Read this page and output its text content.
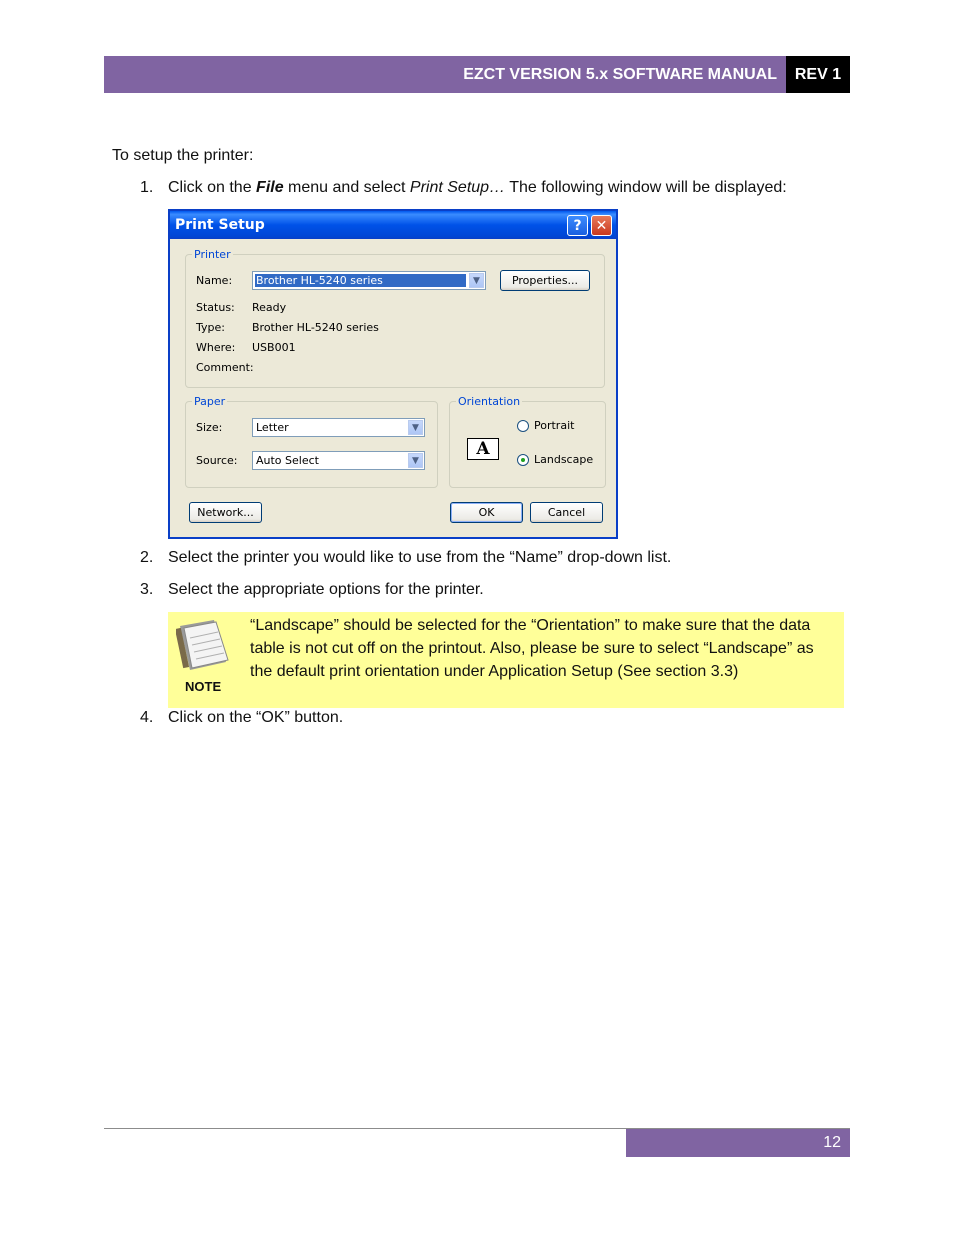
EZCT VERSION 5.x SOFTWARE MANUAL	REV 1
To setup the printer:
1. Click on the File menu and select Print Setup… The following window will be displayed:
Print Setup	?	✕
Printer
Name: Brother HL-5240 series	▼	Properties...
Status: Ready
Type: Brother HL-5240 series
Where: USB001
Comment:
Paper
Size:	Letter	▼
Source: Auto Select	▼
Orientation
A
Portrait
Landscape
Network...	OK	Cancel
2. Select the printer you would like to use from the “Name” drop-down list.
3. Select the appropriate options for the printer.
NOTE
“Landscape” should be selected for the “Orientation” to make sure that the data table is not cut off on the printout. Also, please be sure to select “Landscape” as the default print orientation under Application Setup (See section 3.3)
4. Click on the “OK” button.
12
